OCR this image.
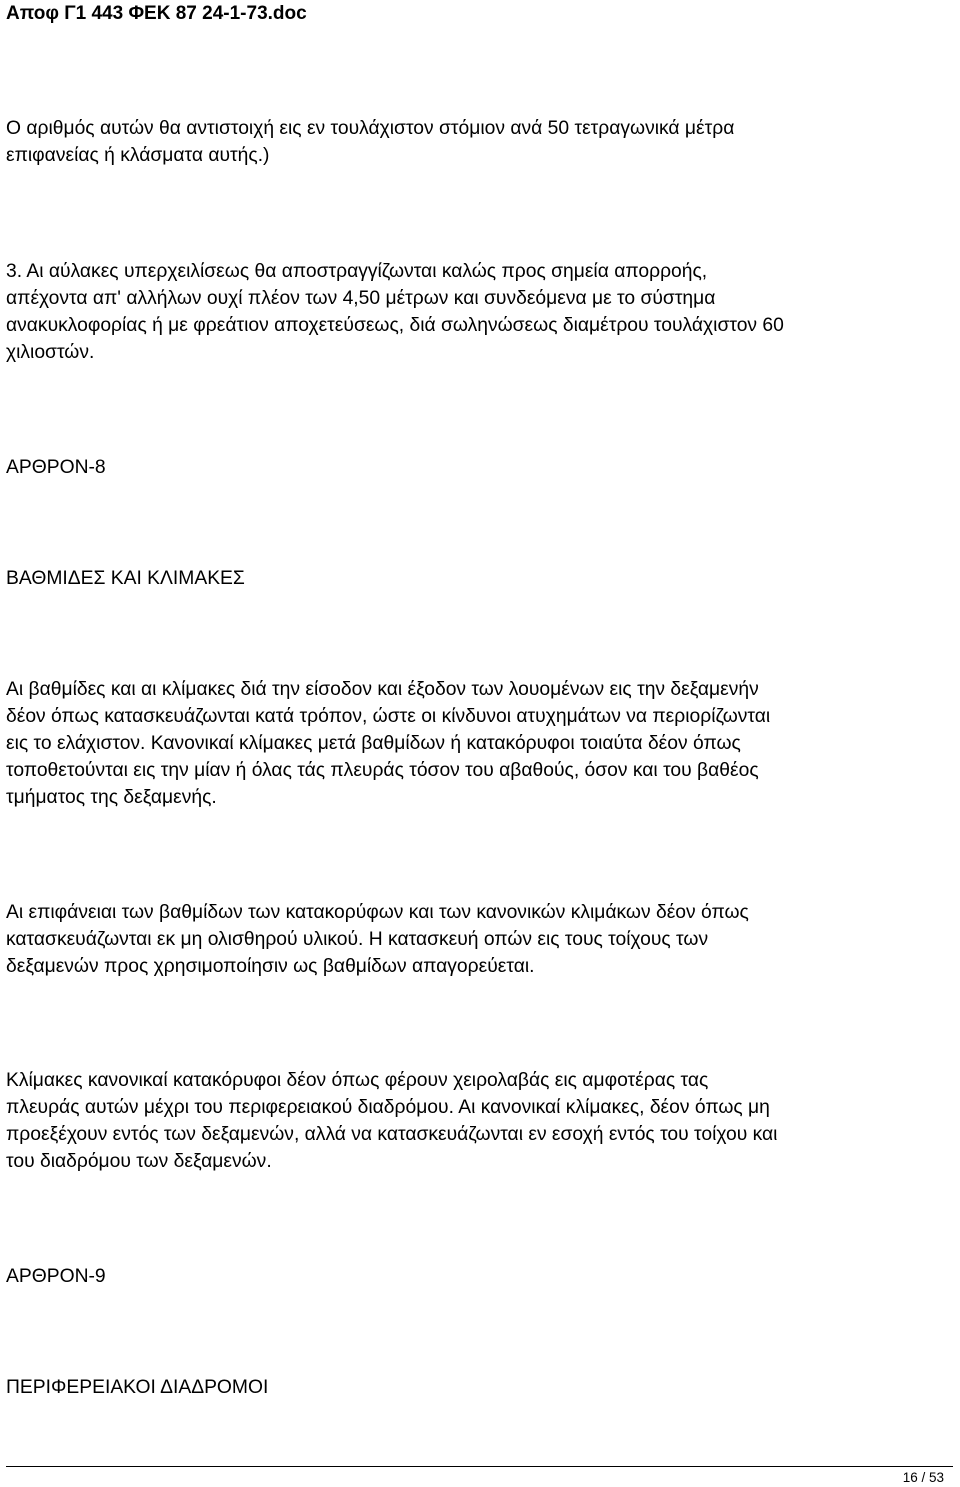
Αποφ Γ1 443 ΦΕΚ 87 24-1-73.doc
Ο αριθμός αυτών θα αντιστοιχή εις εν τουλάχιστον στόμιον ανά 50 τετραγωνικά μέτρα
επιφανείας ή κλάσματα αυτής.)
3. Αι αύλακες υπερχειλίσεως θα αποστραγγίζωνται καλώς προς σημεία απορροής,
απέχοντα απ' αλλήλων ουχί πλέον των 4,50 μέτρων και συνδεόμενα με το σύστημα
ανακυκλοφορίας ή με φρεάτιον αποχετεύσεως, διά σωληνώσεως διαμέτρου τουλάχιστον 60
χιλιοστών.
ΑΡΘΡΟΝ-8
ΒΑΘΜΙΔΕΣ ΚΑΙ ΚΛΙΜΑΚΕΣ
Αι βαθμίδες και αι κλίμακες διά την είσοδον και έξοδον των λουομένων εις την δεξαμενήν
δέον όπως κατασκευάζωνται κατά τρόπον, ώστε οι κίνδυνοι ατυχημάτων να περιορίζωνται
εις το ελάχιστον. Κανονικαί κλίμακες μετά βαθμίδων ή κατακόρυφοι τοιαύτα δέον όπως
τοποθετούνται εις την μίαν ή όλας τάς πλευράς τόσον του αβαθούς, όσον και του βαθέος
τμήματος της δεξαμενής.
Αι επιφάνειαι των βαθμίδων των κατακορύφων και των κανονικών κλιμάκων δέον όπως
κατασκευάζωνται εκ μη ολισθηρού υλικού. Η κατασκευή οπών εις τους τοίχους των
δεξαμενών προς χρησιμοποίησιν ως βαθμίδων απαγορεύεται.
Κλίμακες κανονικαί κατακόρυφοι δέον όπως φέρουν χειρολαβάς εις αμφοτέρας τας
πλευράς αυτών μέχρι του περιφερειακού διαδρόμου. Αι κανονικαί κλίμακες, δέον όπως μη
προεξέχουν εντός των δεξαμενών, αλλά να κατασκευάζωνται εν εσοχή εντός του τοίχου και
του διαδρόμου των δεξαμενών.
ΑΡΘΡΟΝ-9
ΠΕΡΙΦΕΡΕΙΑΚΟΙ ΔΙΑΔΡΟΜΟΙ
16 / 53
